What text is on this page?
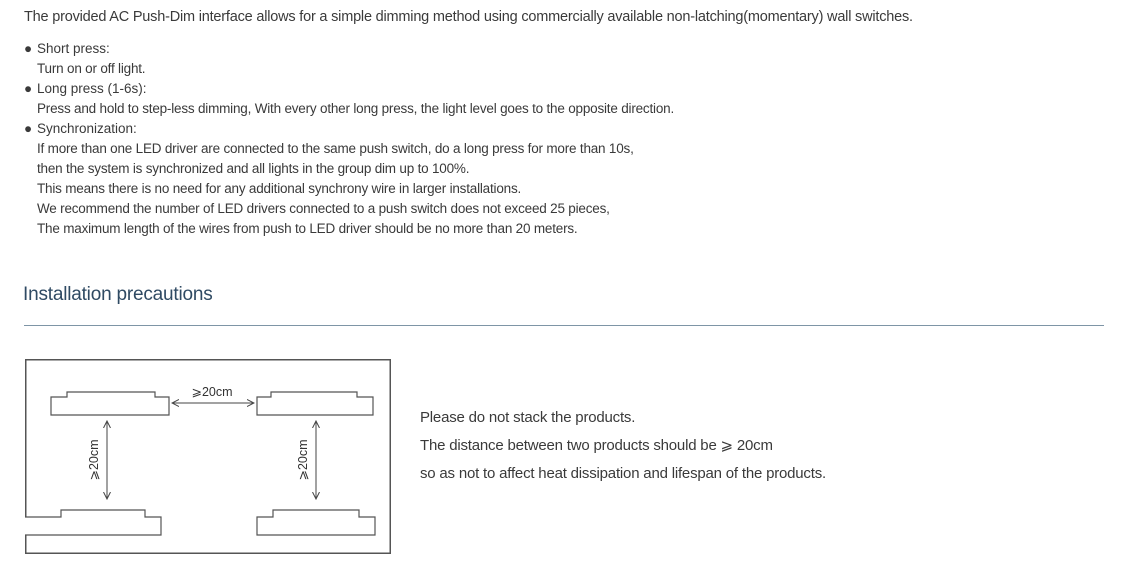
The provided AC Push-Dim interface allows for a simple dimming method using commercially available non-latching(momentary) wall switches.
● Short press:
Turn on or off light.
● Long press (1-6s):
Press and hold to step-less dimming, With every other long press, the light level goes to the opposite direction.
● Synchronization:
If more than one LED driver are connected to the same push switch, do a long press for more than 10s,
then the system is synchronized and all lights in the group dim up to 100%.
This means there is no need for any additional synchrony wire in larger installations.
We recommend the number of LED drivers connected to a push switch does not exceed 25 pieces,
The maximum length of the wires from push to LED driver should be no more than 20 meters.
Installation precautions
⩾20cm
⩾20cm	⩾20cm
Please do not stack the products.
The distance between two products should be ⩾ 20cm
so as not to affect heat dissipation and lifespan of the products.
